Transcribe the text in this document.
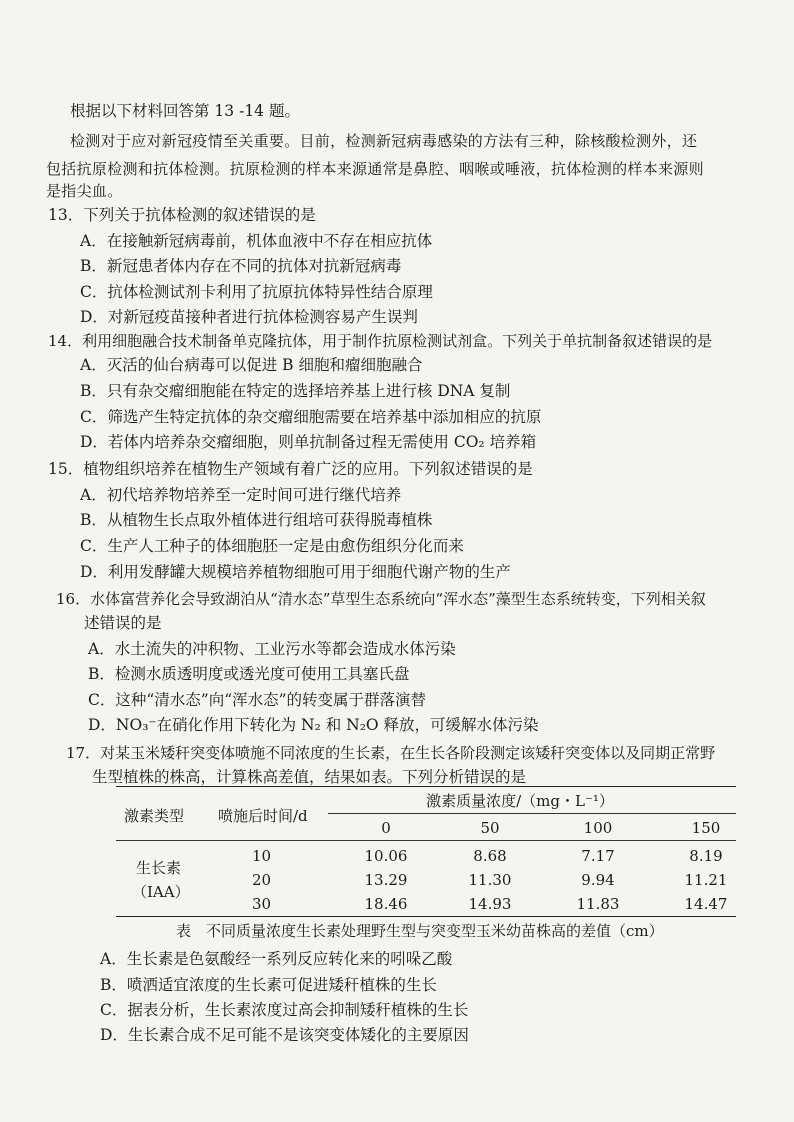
根据以下材料回答第 13 -14 题。
检测对于应对新冠疫情至关重要。目前，检测新冠病毒感染的方法有三种，除核酸检测外，还
包括抗原检测和抗体检测。抗原检测的样本来源通常是鼻腔、咽喉或唾液，抗体检测的样本来源则
是指尖血。
13．下列关于抗体检测的叙述错误的是
A．在接触新冠病毒前，机体血液中不存在相应抗体
B．新冠患者体内存在不同的抗体对抗新冠病毒
C．抗体检测试剂卡利用了抗原抗体特异性结合原理
D．对新冠疫苗接种者进行抗体检测容易产生误判
14．利用细胞融合技术制备单克隆抗体，用于制作抗原检测试剂盒。下列关于单抗制备叙述错误的是
A．灭活的仙台病毒可以促进 B 细胞和瘤细胞融合
B．只有杂交瘤细胞能在特定的选择培养基上进行核 DNA 复制
C．筛选产生特定抗体的杂交瘤细胞需要在培养基中添加相应的抗原
D．若体内培养杂交瘤细胞，则单抗制备过程无需使用 CO₂ 培养箱
15．植物组织培养在植物生产领域有着广泛的应用。下列叙述错误的是
A．初代培养物培养至一定时间可进行继代培养
B．从植物生长点取外植体进行组培可获得脱毒植株
C．生产人工种子的体细胞胚一定是由愈伤组织分化而来
D．利用发酵罐大规模培养植物细胞可用于细胞代谢产物的生产
16．水体富营养化会导致湖泊从“清水态”草型生态系统向“浑水态”藻型生态系统转变，下列相关叙
述错误的是
A．水土流失的冲积物、工业污水等都会造成水体污染
B．检测水质透明度或透光度可使用工具塞氏盘
C．这种“清水态”向“浑水态”的转变属于群落演替
D．NO₃⁻在硝化作用下转化为 N₂ 和 N₂O 释放，可缓解水体污染
17．对某玉米矮秆突变体喷施不同浓度的生长素，在生长各阶段测定该矮秆突变体以及同期正常野
生型植株的株高，计算株高差值，结果如表。下列分析错误的是
激素质量浓度/（mg・L⁻¹）
激素类型 喷施后时间/d
0	50	100	150
生长素
（IAA）
10	10.06	8.68	7.17	8.19
20	13.29	11.30	9.94	11.21
30	18.46	14.93	11.83	14.47
表　不同质量浓度生长素处理野生型与突变型玉米幼苗株高的差值（cm）
A．生长素是色氨酸经一系列反应转化来的吲哚乙酸
B．喷洒适宜浓度的生长素可促进矮秆植株的生长
C．据表分析，生长素浓度过高会抑制矮秆植株的生长
D．生长素合成不足可能不是该突变体矮化的主要原因
